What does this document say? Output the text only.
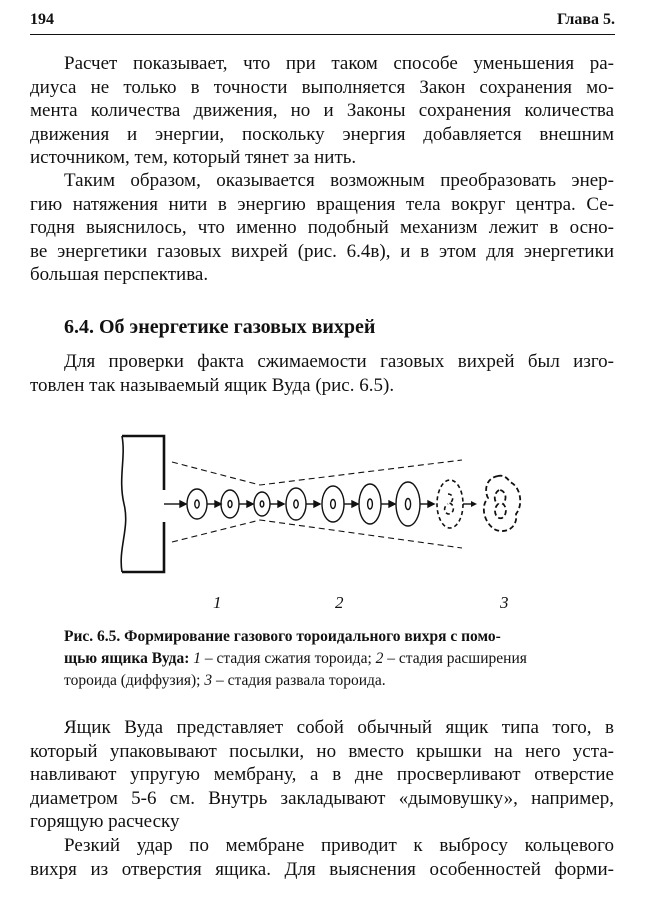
194	Глава 5.

Расчет показывает, что при таком способе уменьшения ра-
диуса не только в точности выполняется Закон сохранения мо-
мента количества движения, но и Законы сохранения количества
движения и энергии, поскольку энергия добавляется внешним
источником, тем, который тянет за нить.

Таким образом, оказывается возможным преобразовать энер-
гию натяжения нити в энергию вращения тела вокруг центра. Се-
годня выяснилось, что именно подобный механизм лежит в осно-
ве энергетики газовых вихрей (рис. 6.4в), и в этом для энергетики
большая перспектива.

6.4. Об энергетике газовых вихрей

Для проверки факта сжимаемости газовых вихрей был изго-
товлен так называемый ящик Вуда (рис. 6.5).

1	2	3

Рис. 6.5. Формирование газового тороидального вихря с помо-
щью ящика Вуда: 1 – стадия сжатия тороида; 2 – стадия расширения
тороида (диффузия); 3 – стадия развала тороида.

Ящик Вуда представляет собой обычный ящик типа того, в
который упаковывают посылки, но вместо крышки на него уста-
навливают упругую мембрану, а в дне просверливают отверстие
диаметром 5-6 см. Внутрь закладывают «дымовушку», например,
горящую расческу

Резкий удар по мембране приводит к выбросу кольцевого
вихря из отверстия ящика. Для выяснения особенностей форми-
